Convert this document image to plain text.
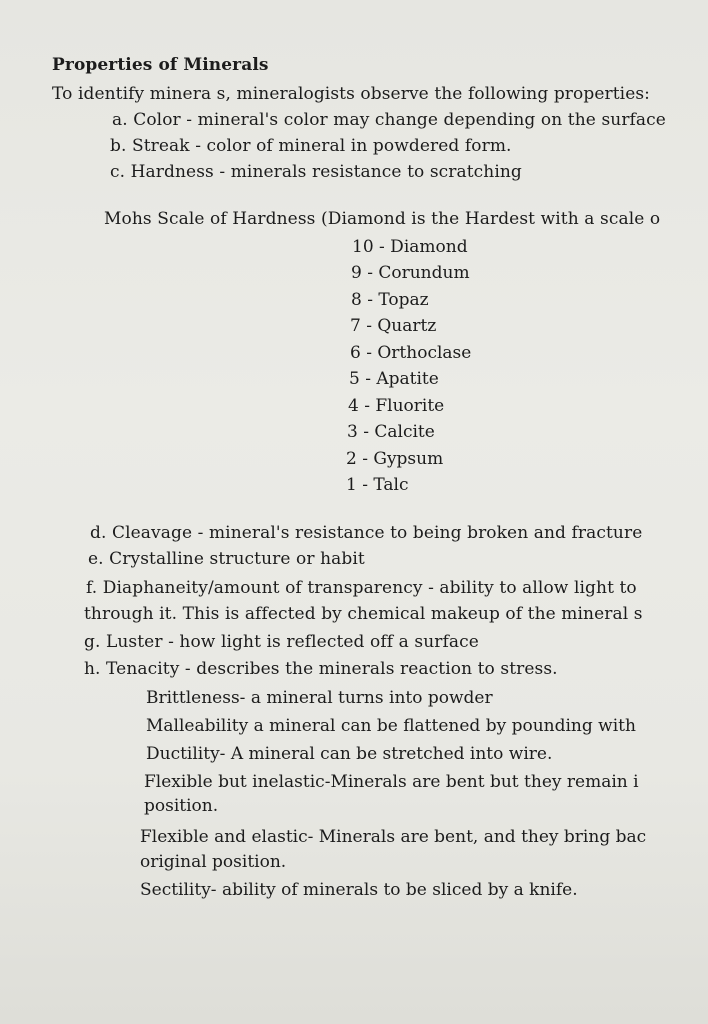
Properties of Minerals
To identify minera s, mineralogists observe the following properties:
a. Color - mineral's color may change depending on the surface
b. Streak - color of mineral in powdered form.
c. Hardness - minerals resistance to scratching
Mohs Scale of Hardness (Diamond is the Hardest with a scale o
10 - Diamond
9 - Corundum
8 - Topaz
7 - Quartz
6 - Orthoclase
5 - Apatite
4 - Fluorite
3 - Calcite
2 - Gypsum
1 - Talc
d. Cleavage - mineral's resistance to being broken and fracture
e. Crystalline structure or habit
f. Diaphaneity/amount of transparency - ability to allow light to
through it. This is affected by chemical makeup of the mineral s
g. Luster - how light is reflected off a surface
h. Tenacity - describes the minerals reaction to stress.
Brittleness- a mineral turns into powder
Malleability a mineral can be flattened by pounding with
Ductility- A mineral can be stretched into wire.
Flexible but inelastic-Minerals are bent but they remain i
position.
Flexible and elastic- Minerals are bent, and they bring bac
original position.
Sectility- ability of minerals to be sliced by a knife.
